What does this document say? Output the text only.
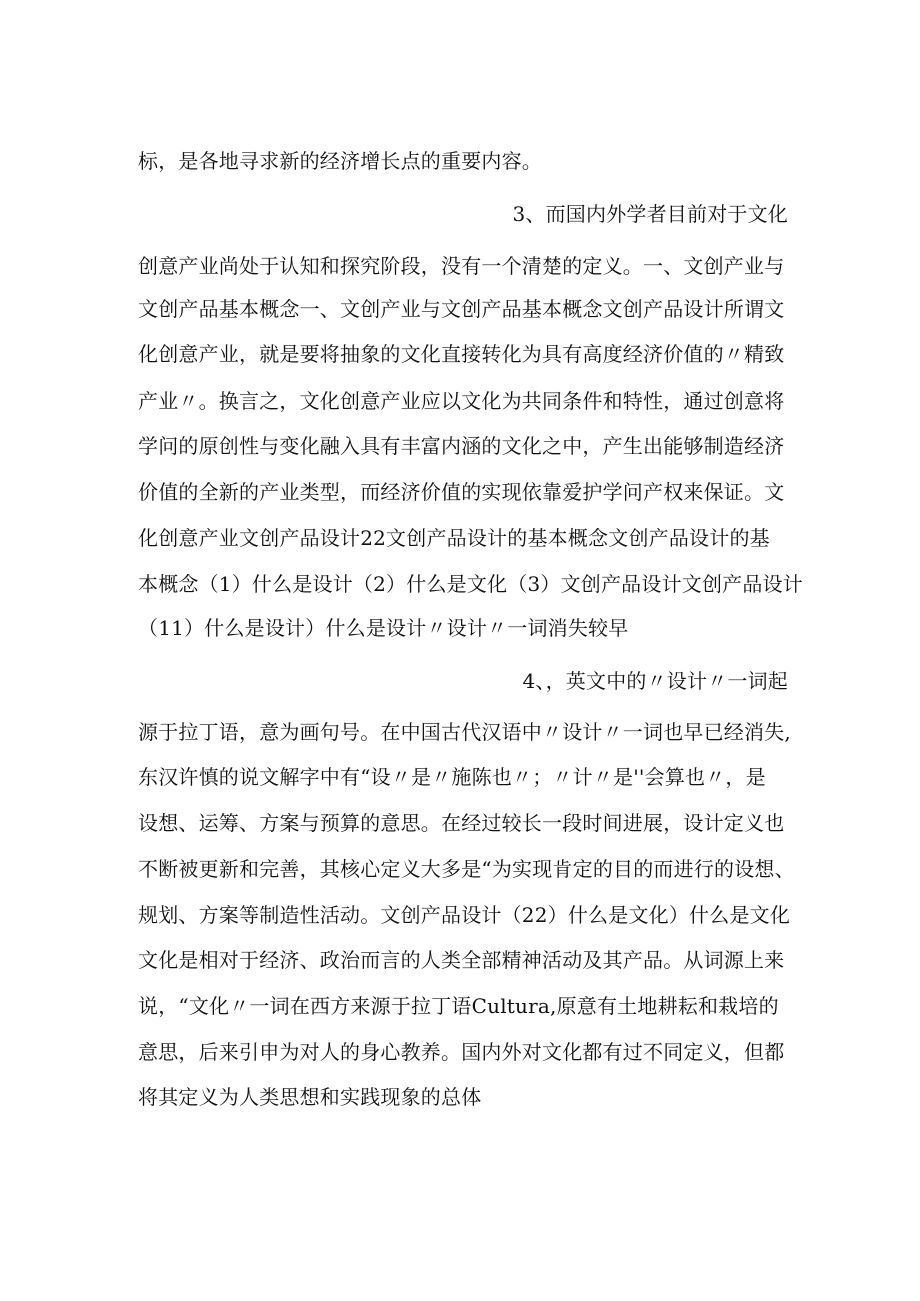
标，是各地寻求新的经济增长点的重要内容。
3、而国内外学者目前对于文化
创意产业尚处于认知和探究阶段，没有一个清楚的定义。一、文创产业与
文创产品基本概念一、文创产业与文创产品基本概念文创产品设计所谓文
化创意产业，就是要将抽象的文化直接转化为具有高度经济价值的〃精致
产业〃。换言之，文化创意产业应以文化为共同条件和特性，通过创意将
学问的原创性与变化融入具有丰富内涵的文化之中，产生出能够制造经济
价值的全新的产业类型，而经济价值的实现依靠爱护学问产权来保证。文
化创意产业文创产品设计22文创产品设计的基本概念文创产品设计的基
本概念（1）什么是设计（2）什么是文化（3）文创产品设计文创产品设计
（11）什么是设计）什么是设计〃设计〃一词消失较早
4、，英文中的〃设计〃一词起
源于拉丁语，意为画句号。在中国古代汉语中〃设计〃一词也早已经消失,
东汉许慎的说文解字中有“设〃是〃施陈也〃；〃计〃是''会算也〃，是
设想、运筹、方案与预算的意思。在经过较长一段时间进展，设计定义也
不断被更新和完善，其核心定义大多是“为实现肯定的目的而进行的设想、
规划、方案等制造性活动。文创产品设计（22）什么是文化）什么是文化
文化是相对于经济、政治而言的人类全部精神活动及其产品。从词源上来
说，“文化〃一词在西方来源于拉丁语Cultura,原意有土地耕耘和栽培的
意思，后来引申为对人的身心教养。国内外对文化都有过不同定义，但都
将其定义为人类思想和实践现象的总体
